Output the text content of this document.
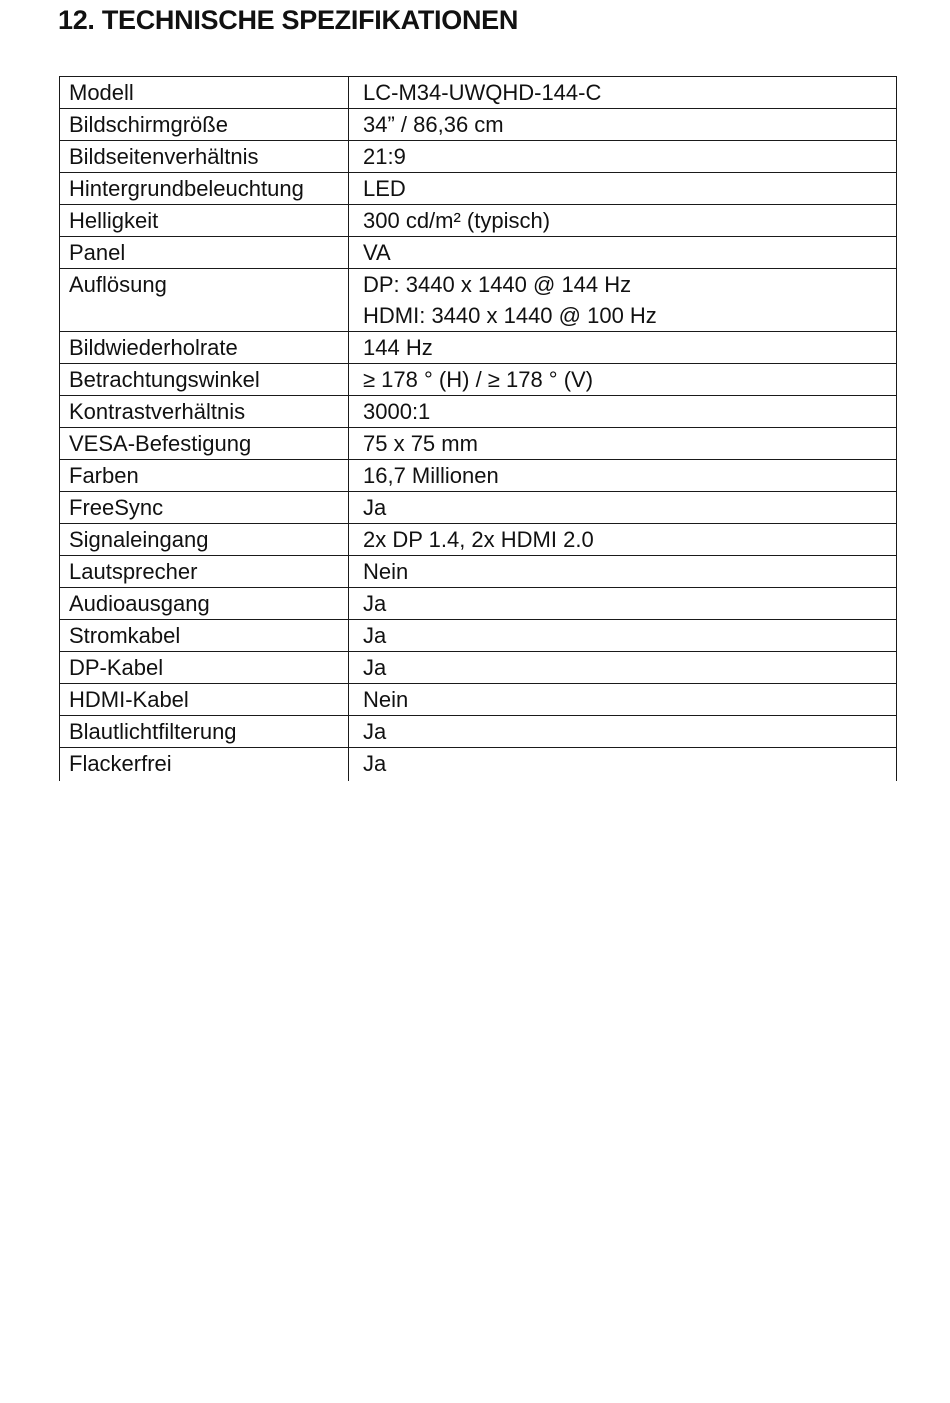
12. TECHNISCHE SPEZIFIKATIONEN
Modell	LC-M34-UWQHD-144-C

Bildschirmgröße	34” / 86,36 cm

Bildseitenverhältnis	21:9

Hintergrundbeleuchtung	LED

Helligkeit	300 cd/m² (typisch)

Panel	VA

Auflösung	DP: 3440 x 1440 @ 144 Hz
HDMI: 3440 x 1440 @ 100 Hz

Bildwiederholrate	144 Hz

Betrachtungswinkel	≥ 178 ° (H) / ≥ 178 ° (V)

Kontrastverhältnis	3000:1

VESA-Befestigung	75 x 75 mm

Farben	16,7 Millionen

FreeSync	Ja

Signaleingang	2x DP 1.4, 2x HDMI 2.0

Lautsprecher	Nein

Audioausgang	Ja

Stromkabel	Ja

DP-Kabel	Ja

HDMI-Kabel	Nein

Blautlichtfilterung	Ja

Flackerfrei	Ja
